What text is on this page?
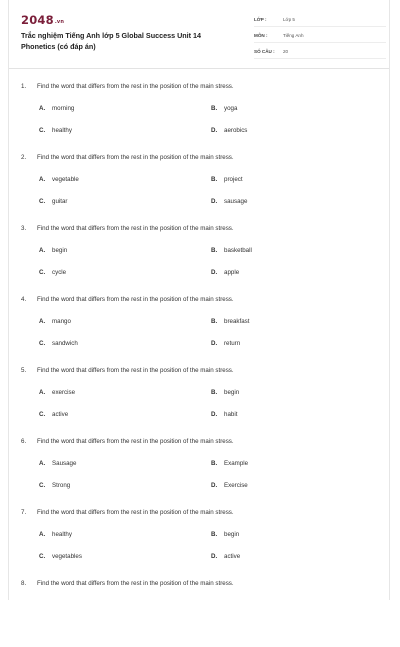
2048.vn
Trắc nghiệm Tiếng Anh lớp 5 Global Success Unit 14 Phonetics (có đáp án)
LỚP :	Lớp 5
MÔN :	Tiếng Anh
SỐ CÂU : 20
1. Find the word that differs from the rest in the position of the main stress.
A. morning	B. yoga
C. healthy	D. aerobics
2. Find the word that differs from the rest in the position of the main stress.
A. vegetable	B. project
C. guitar	D. sausage
3. Find the word that differs from the rest in the position of the main stress.
A. begin	B. basketball
C. cycle	D. apple
4. Find the word that differs from the rest in the position of the main stress.
A. mango	B. breakfast
C. sandwich	D. return
5. Find the word that differs from the rest in the position of the main stress.
A. exercise	B. begin
C. active	D. habit
6. Find the word that differs from the rest in the position of the main stress.
A. Sausage	B. Example
C. Strong	D. Exercise
7. Find the word that differs from the rest in the position of the main stress.
A. healthy	B. begin
C. vegetables	D. active
8. Find the word that differs from the rest in the position of the main stress.
